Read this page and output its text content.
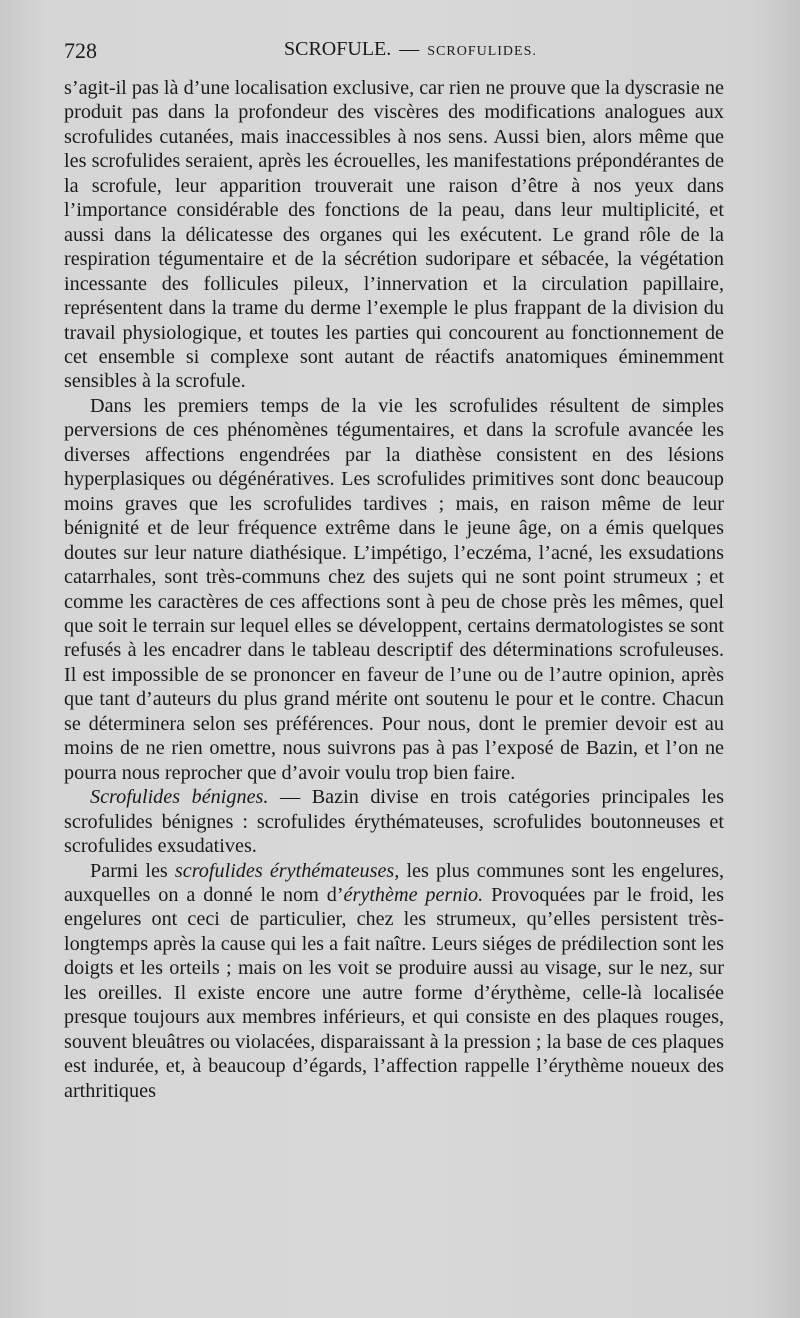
728	SCROFULE. — SCROFULIDES.

s’agit-il pas là d’une localisation exclusive, car rien ne prouve que la dyscrasie ne produit pas dans la profondeur des viscères des modifications analogues aux scrofulides cutanées, mais inaccessibles à nos sens. Aussi bien, alors même que les scrofulides seraient, après les écrouelles, les manifestations prépondérantes de la scrofule, leur apparition trouverait une raison d’être à nos yeux dans l’importance considérable des fonctions de la peau, dans leur multiplicité, et aussi dans la délicatesse des organes qui les exécutent. Le grand rôle de la respiration tégumentaire et de la sécrétion sudoripare et sébacée, la végétation incessante des follicules pileux, l’innervation et la circulation papillaire, représentent dans la trame du derme l’exemple le plus frappant de la division du travail physiologique, et toutes les parties qui concourent au fonctionnement de cet ensemble si complexe sont autant de réactifs anatomiques éminemment sensibles à la scrofule.

Dans les premiers temps de la vie les scrofulides résultent de simples perversions de ces phénomènes tégumentaires, et dans la scrofule avancée les diverses affections engendrées par la diathèse consistent en des lésions hyperplasiques ou dégénératives. Les scrofulides primitives sont donc beaucoup moins graves que les scrofulides tardives ; mais, en raison même de leur bénignité et de leur fréquence extrême dans le jeune âge, on a émis quelques doutes sur leur nature diathésique. L’impétigo, l’eczéma, l’acné, les exsudations catarrhales, sont très-communs chez des sujets qui ne sont point strumeux ; et comme les caractères de ces affections sont à peu de chose près les mêmes, quel que soit le terrain sur lequel elles se développent, certains dermatologistes se sont refusés à les encadrer dans le tableau descriptif des déterminations scrofuleuses. Il est impossible de se prononcer en faveur de l’une ou de l’autre opinion, après que tant d’auteurs du plus grand mérite ont soutenu le pour et le contre. Chacun se déterminera selon ses préférences. Pour nous, dont le premier devoir est au moins de ne rien omettre, nous suivrons pas à pas l’exposé de Bazin, et l’on ne pourra nous reprocher que d’avoir voulu trop bien faire.

Scrofulides bénignes. — Bazin divise en trois catégories principales les scrofulides bénignes : scrofulides érythémateuses, scrofulides boutonneuses et scrofulides exsudatives.

Parmi les scrofulides érythémateuses, les plus communes sont les engelures, auxquelles on a donné le nom d’érythème pernio. Provoquées par le froid, les engelures ont ceci de particulier, chez les strumeux, qu’elles persistent très-longtemps après la cause qui les a fait naître. Leurs siéges de prédilection sont les doigts et les orteils ; mais on les voit se produire aussi au visage, sur le nez, sur les oreilles. Il existe encore une autre forme d’érythème, celle-là localisée presque toujours aux membres inférieurs, et qui consiste en des plaques rouges, souvent bleuâtres ou violacées, disparaissant à la pression ; la base de ces plaques est indurée, et, à beaucoup d’égards, l’affection rappelle l’érythème noueux des arthritiques
